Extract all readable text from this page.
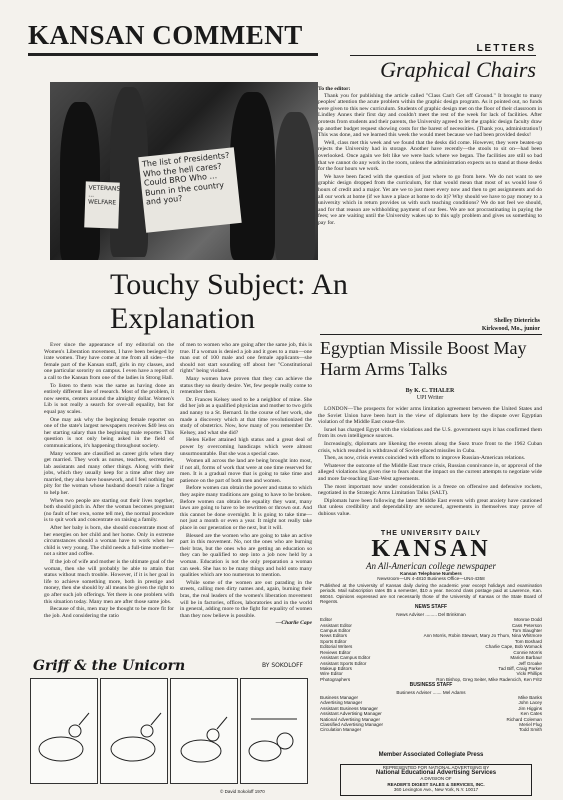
KANSAN COMMENT	LETTERS
Graphical Chairs
The list of Presidents? Who the hell cares? Could BRO Who ... Bunn in the country and you?
VETERANS ... WELFARE
Touchy Subject: An Explanation

Ever since the appearance of my editorial on the Women's Liberation movement, I have been besieged by irate women. They have come at me from all sides—the female part of the Kansan staff, girls in my classes, and one particular sorority on campus. I even have a report of a call to the Kansan from one of the ladies in Strong Hall.

To listen to them was the same as having done an entirely different line of research. Most of the problem, it now seems, centers around the almighty dollar. Women's Lib is not really a search for over-all equality, but for equal pay scales.

One may ask why the beginning female reporter on one of the state's largest newspapers receives $40 less on her starting salary than the beginning male reporter. This question is not only being asked in the field of communications, it's happening throughout society.

Many women are classified as career girls when they get married. They work as nurses, teachers, secretaries, lab assistants and many other things. Along with their jobs, which they usually keep for a time after they are married, they also have housework, and I feel nothing but pity for the woman whose husband doesn't raise a finger to help her.

When two people are starting out their lives together, both should pitch in. After the woman becomes pregnant (no fault of her own, some tell me), the normal procedure is to quit work and concentrate on raising a family.

After her baby is born, she should concentrate most of her energies on her child and her home. Only in extreme circumstances should a woman have to work when her child is very young. The child needs a full-time mother—not a sitter and coffee.

If the job of wife and mother is the ultimate goal of the woman, then she will probably be able to attain that status without much trouble. However, if it is her goal in life to achieve something more, both in prestige and money, then she should by all means be given the right to go after such job offerings. Yet there is one problem with this situation today. Many men are after those same jobs.

Because of this, men may be thought to be more fit for the job. And considering the ratio

of men to women who are going after the same job, this is true. If a woman is denied a job and it goes to a man—one man out of 100 male and one female applicants—she should not start sounding off about her "Constitutional rights" being violated.

Many women have proven that they can achieve the status they so dearly desire. Yet, few people really come to remember them.

Dr. Frances Kelsey used to be a neighbor of mine. She did her job as a qualified physician and mother to two girls and nanny to a St. Bernard. In the course of her work, she made a discovery which at that time revolutionized the study of obstetrics. Now, how many of you remember Dr. Kelsey, and what she did?

Helen Keller attained high status and a great deal of power by overcoming handicaps which were almost unsurmountable. But she was a special case.

Women all across the land are being brought into most, if not all, forms of work that were at one time reserved for men. It is a gradual move that is going to take time and patience on the part of both men and women.

Before women can obtain the power and status to which they aspire many traditions are going to have to be broken. Before women can obtain the equality they want, many laws are going to have to be rewritten or thrown out. And this cannot be done overnight. It is going to take time—not just a month or even a year. It might not really take place in our generation or the next, but it will.

Blessed are the women who are going to take an active part in this movement. No, not the ones who are burning their bras, but the ones who are getting an education so they can be qualified to step into a job now held by a woman. Education is not the only preparation a woman can seek. She has to be many things and hold onto many qualities which are too numerous to mention.

While some of the women are out parading in the streets, calling men dirty names and, again, burning their bras, the real leaders of the women's liberation movement will be in factories, offices, laboratories and in the world in general, adding more to the fight for equality of women than they now believe is possible.

—Charlie Cape
To the editor:

Thank you for publishing the article called "Class Can't Get off Ground." It brought to many peoples' attention the acute problem within the graphic design program. As it pointed out, no funds were given to this new curriculum. Students of graphic design met on the floor of their classroom in Lindley Annex their first day and couldn't meet the rest of the week for lack of facilities. After protests from students and their parents, the University agreed to let the graphic design faculty draw up another budget request showing costs for the barest of necessities. (Thank you, administration!) This was done, and we learned this week the would meet because we had been provided desks!

Well, class met this week and we found that the desks did come. However, they were beaten-up rejects the University had in storage. Another have recently—the stools to sit on—had been overlooked. Once again we felt like we were back where we began. The facilities are still so bad that we cannot do any work in the room, unless the administration expects us to stand at those desks for the four hours we work.

We have been faced with the question of just where to go from here. We do not want to see graphic design dropped from the curriculum, for that would mean that most of us would lose 6 hours of credit and a major. Yet are we to just meet every now and then to get assignments and do all our work at home (if we have a place at home to do it)? Why should we have to pay money to a university which in return provides us with such teaching conditions? We do not feel we should, and for that reason are withholding payment of our fees. We are not procrastinating in paying the fees; we are waiting until the University wakes up to this ugly problem and gives us something to pay for.

Shelley Dieterichs
Kirkwood, Mo., junior
Egyptian Missile Boost May Harm Arms Talks
By K. C. THALER
UPI Writer

LONDON—The prospects for wider arms limitation agreement between the United States and the Soviet Union have been hurt in the view of diplomats here by the dispute over Egyptian violation of the Middle East cease-fire.

Israel has charged Egypt with the violations and the U.S. government says it has confirmed them from its own intelligence sources.

Increasingly, diplomats are likening the events along the Suez truce front to the 1962 Cuban crisis, which resulted in withdrawal of Soviet-placed missiles in Cuba.

Then, as now, crisis events coincided with efforts to improve Russian-American relations.

Whatever the outcome of the Middle East truce crisis, Russian connivance in, or approval of the alleged violations has given rise to fears about the impact on the current attempts to negotiate wide and more far-reaching East-West agreements.

The most important now under consideration is a freeze on offensive and defensive rockets, negotiated in the Strategic Arms Limitation Talks (SALT).

Diplomats have been following the latest Middle East events with great anxiety have cautioned that unless credibility and dependability are secured, agreements in themselves may prove of dubious value.

THE UNIVERSITY DAILY
KANSAN
An All-American college newspaper
Kansan Telephone Numbers
Newsroom—UN 4-4810 Business Office—UN4-4358
Published at the University of Kansas daily during the academic year except holidays and examination periods. Mail subscription rates $5 a semester, $10 a year. Second class postage paid at Lawrence, Kan. 66044. Opinions expressed are not necessarily those of the University of Kansas or the State Board of Regents.
NEWS STAFF
News Adviser ......... Del Brinkman
Editor	Monroe Dodd
Assistant Editor	Cass Peterson
Campus Editor	Tom Slaughter
News Editors	Ann Morris, Robin Stewart, Mary Jo Thum, Nina Whitmore
Sports Editor	Tom Boshard
Editorial Writers	Charlie Cape, Bob Womack
Reviews Editor	Connie Morris
Assistant Campus Editor	Marion Barbaur
Assistant Sports Editor	Jeff Groake
Makeup Editors	Tad Biff, Craig Parker
Wire Editor	Vicki Phillips
Photographers	Ron Bishop, Greg Seiter, Mike Radencich, Ken Fritz
BUSINESS STAFF
Business Adviser ....... Mel Adams
Business Manager	Mike Banks
Advertising Manager	John Lacey
Assistant Business Manager	Jim Higgins
Assistant Advertising Manager	Ken Cates
National Advertising Manager	Richard Coleman
Classified Advertising Manager	Meriel Flug
Circulation Manager	Todd Smith
Member Associated Collegiate Press
REPRESENTED FOR NATIONAL ADVERTISING BY
National Educational Advertising Services
A DIVISION OF
READER'S DIGEST SALES & SERVICES, INC.
360 Lexington Ave., New York, N.Y. 10017
Griff & the Unicorn	BY SOKOLOFF
© David Sokoloff 1970
